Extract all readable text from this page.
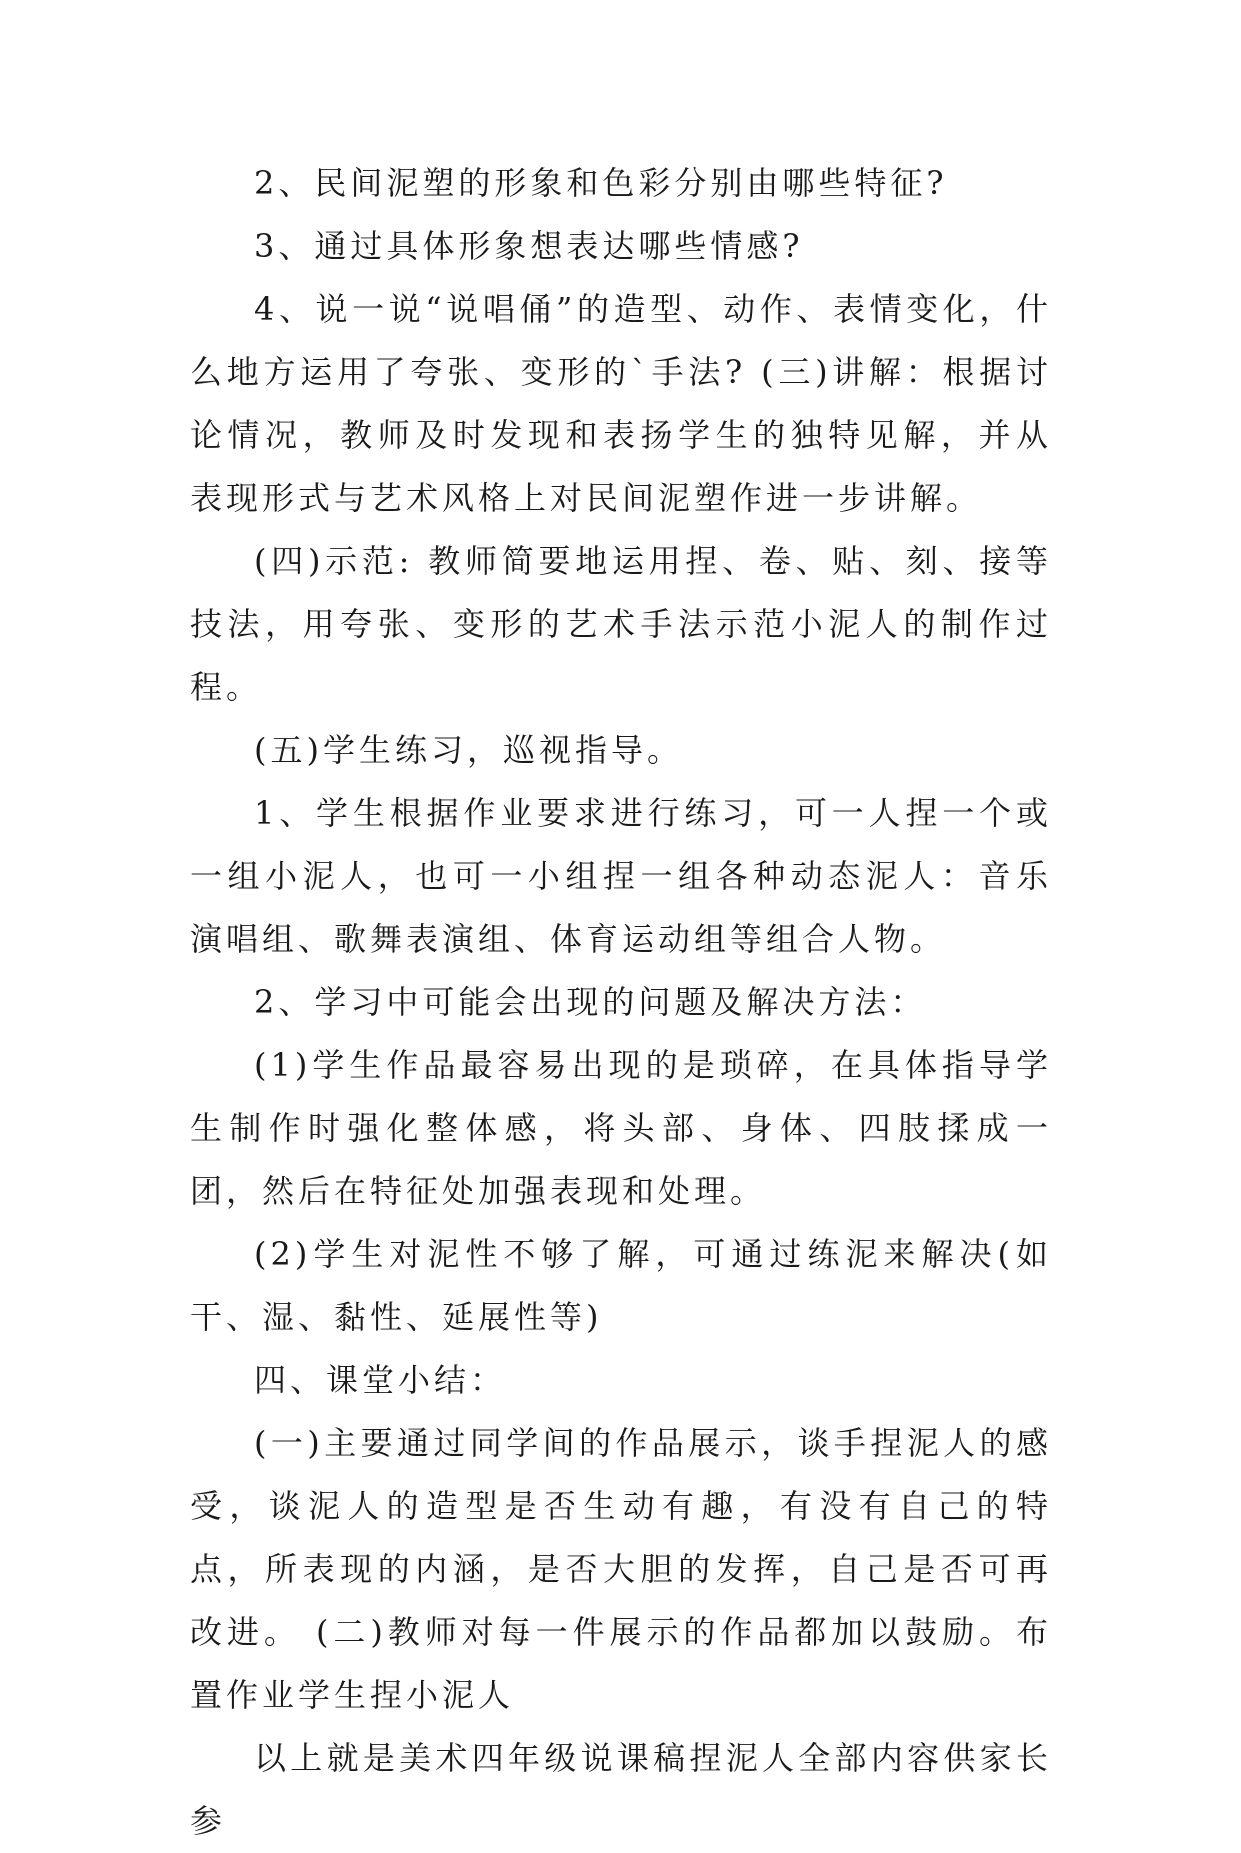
2、民间泥塑的形象和色彩分别由哪些特征?

3、通过具体形象想表达哪些情感?

4、说一说“说唱俑”的造型、动作、表情变化，什么地方运用了夸张、变形的`手法? (三)讲解：根据讨论情况，教师及时发现和表扬学生的独特见解，并从表现形式与艺术风格上对民间泥塑作进一步讲解。

(四)示范: 教师简要地运用捏、卷、贴、刻、接等技法，用夸张、变形的艺术手法示范小泥人的制作过程。

(五)学生练习，巡视指导。

1、学生根据作业要求进行练习，可一人捏一个或一组小泥人，也可一小组捏一组各种动态泥人：音乐演唱组、歌舞表演组、体育运动组等组合人物。

2、学习中可能会出现的问题及解决方法：

(1)学生作品最容易出现的是琐碎，在具体指导学生制作时强化整体感，将头部、身体、四肢揉成一团，然后在特征处加强表现和处理。

(2)学生对泥性不够了解，可通过练泥来解决(如干、湿、黏性、延展性等)

四、课堂小结：

(一)主要通过同学间的作品展示，谈手捏泥人的感受，谈泥人的造型是否生动有趣，有没有自己的特点，所表现的内涵，是否大胆的发挥，自己是否可再改进。 (二)教师对每一件展示的作品都加以鼓励。布置作业学生捏小泥人

以上就是美术四年级说课稿捏泥人全部内容供家长参
